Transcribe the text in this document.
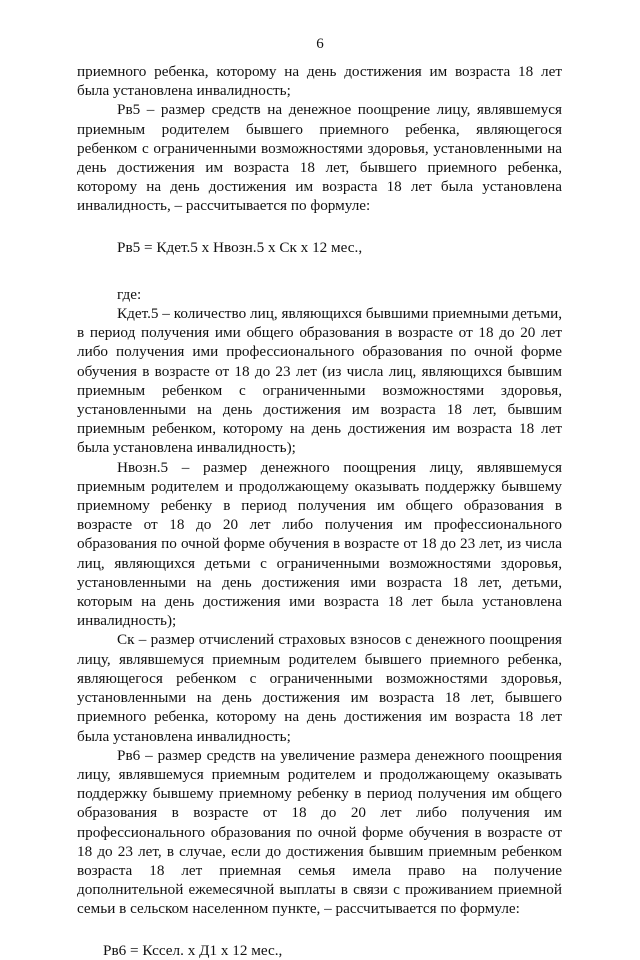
6

приемного ребенка, которому на день достижения им возраста 18 лет была установлена инвалидность;

Рв5 – размер средств на денежное поощрение лицу, являвшемуся приемным родителем бывшего приемного ребенка, являющегося ребенком с ограниченными возможностями здоровья, установленными на день достижения им возраста 18 лет, бывшего приемного ребенка, которому на день достижения им возраста 18 лет была установлена инвалидность, – рассчитывается по формуле:

Рв5 = Кдет.5 х Нвозн.5 х Ск х 12 мес.,

где:

Кдет.5 – количество лиц, являющихся бывшими приемными детьми, в период получения ими общего образования в возрасте от 18 до 20 лет либо получения ими профессионального образования по очной форме обучения в возрасте от 18 до 23 лет (из числа лиц, являющихся бывшим приемным ребенком с ограниченными возможностями здоровья, установленными на день достижения им возраста 18 лет, бывшим приемным ребенком, которому на день достижения им возраста 18 лет была установлена инвалидность);

Нвозн.5 – размер денежного поощрения лицу, являвшемуся приемным родителем и продолжающему оказывать поддержку бывшему приемному ребенку в период получения им общего образования в возрасте от 18 до 20 лет либо получения им профессионального образования по очной форме обучения в возрасте от 18 до 23 лет, из числа лиц, являющихся детьми с ограниченными возможностями здоровья, установленными на день достижения ими возраста 18 лет, детьми, которым на день достижения ими возраста 18 лет была установлена инвалидность);

Ск – размер отчислений страховых взносов с денежного поощрения лицу, являвшемуся приемным родителем бывшего приемного ребенка, являющегося ребенком с ограниченными возможностями здоровья, установленными на день достижения им возраста 18 лет, бывшего приемного ребенка, которому на день достижения им возраста 18 лет была установлена инвалидность;

Рв6 – размер средств на увеличение размера денежного поощрения лицу, являвшемуся приемным родителем и продолжающему оказывать поддержку бывшему приемному ребенку в период получения им общего образования в возрасте от 18 до 20 лет либо получения им профессионального образования по очной форме обучения в возрасте от 18 до 23 лет, в случае, если до достижения бывшим приемным ребенком возраста 18 лет приемная семья имела право на получение дополнительной ежемесячной выплаты в связи с проживанием приемной семьи в сельском населенном пункте, – рассчитывается по формуле:

Рв6 = Кссел. х Д1 х 12 мес.,
